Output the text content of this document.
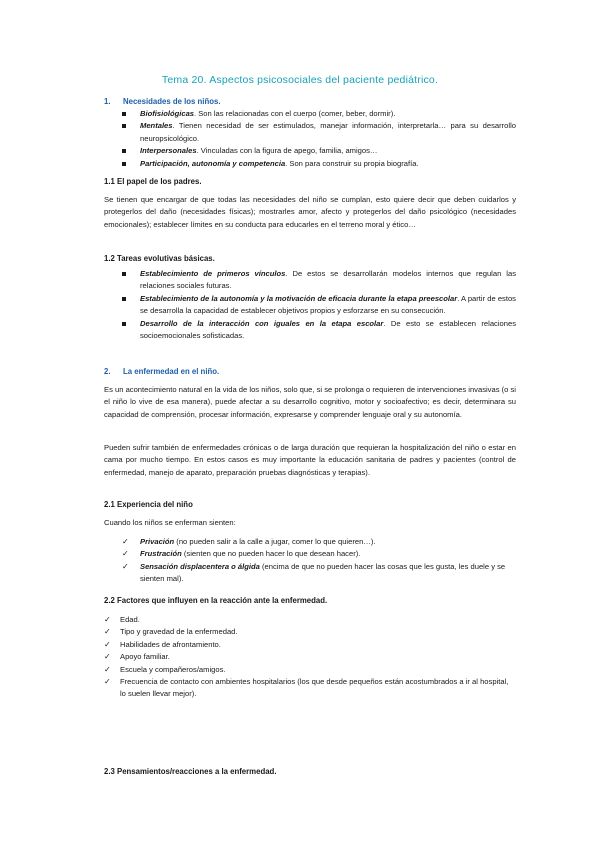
Tema 20. Aspectos psicosociales del paciente pediátrico.
1. Necesidades de los niños.
Biofisiológicas. Son las relacionadas con el cuerpo (comer, beber, dormir).
Mentales. Tienen necesidad de ser estimulados, manejar información, interpretarla… para su desarrollo neuropsicológico.
Interpersonales. Vinculadas con la figura de apego, familia, amigos…
Participación, autonomía y competencia. Son para construir su propia biografía.
1.1 El papel de los padres.

Se tienen que encargar de que todas las necesidades del niño se cumplan, esto quiere decir que deben cuidarlos y protegerlos del daño (necesidades físicas); mostrarles amor, afecto y protegerlos del daño psicológico (necesidades emocionales); establecer límites en su conducta para educarles en el terreno moral y ético…

1.2 Tareas evolutivas básicas.
Establecimiento de primeros vínculos. De estos se desarrollarán modelos internos que regulan las relaciones sociales futuras.
Establecimiento de la autonomía y la motivación de eficacia durante la etapa preescolar. A partir de estos se desarrolla la capacidad de establecer objetivos propios y esforzarse en su consecución.
Desarrollo de la interacción con iguales en la etapa escolar. De esto se establecen relaciones socioemocionales sofisticadas.
2. La enfermedad en el niño.

Es un acontecimiento natural en la vida de los niños, solo que, si se prolonga o requieren de intervenciones invasivas (o si el niño lo vive de esa manera), puede afectar a su desarrollo cognitivo, motor y socioafectivo; es decir, determinara su capacidad de comprensión, procesar información, expresarse y comprender lenguaje oral y su autonomía.

Pueden sufrir también de enfermedades crónicas o de larga duración que requieran la hospitalización del niño o estar en cama por mucho tiempo. En estos casos es muy importante la educación sanitaria de padres y pacientes (control de enfermedad, manejo de aparato, preparación pruebas diagnósticas y terapias).

2.1 Experiencia del niño

Cuando los niños se enferman sienten:

✓ Privación (no pueden salir a la calle a jugar, comer lo que quieren…).
✓ Frustración (sienten que no pueden hacer lo que desean hacer).
✓ Sensación displacentera o álgida (encima de que no pueden hacer las cosas que les gusta, les duele y se sienten mal).
2.2 Factores que influyen en la reacción ante la enfermedad.
✓ Edad.
✓ Tipo y gravedad de la enfermedad.
✓ Habilidades de afrontamiento.
✓ Apoyo familiar.
✓ Escuela y compañeros/amigos.
✓ Frecuencia de contacto con ambientes hospitalarios (los que desde pequeños están acostumbrados a ir al hospital, lo suelen llevar mejor).
2.3 Pensamientos/reacciones a la enfermedad.
